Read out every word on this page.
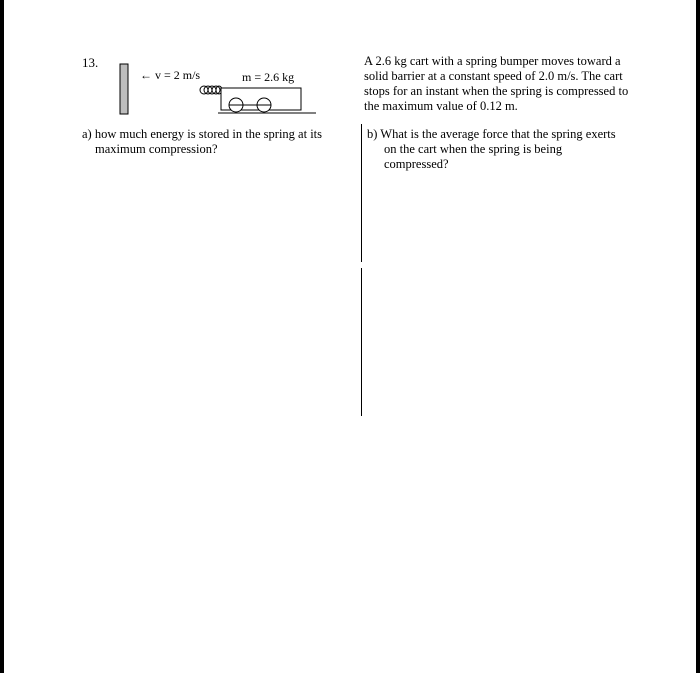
13.
← v = 2 m/s	m = 2.6 kg
A 2.6 kg cart with a spring bumper moves toward a solid barrier at a constant speed of 2.0 m/s. The cart stops for an instant when the spring is compressed to the maximum value of 0.12 m.
a) how much energy is stored in the spring at its
maximum compression?
b) What is the average force that the spring exerts
on the cart when the spring is being
compressed?
